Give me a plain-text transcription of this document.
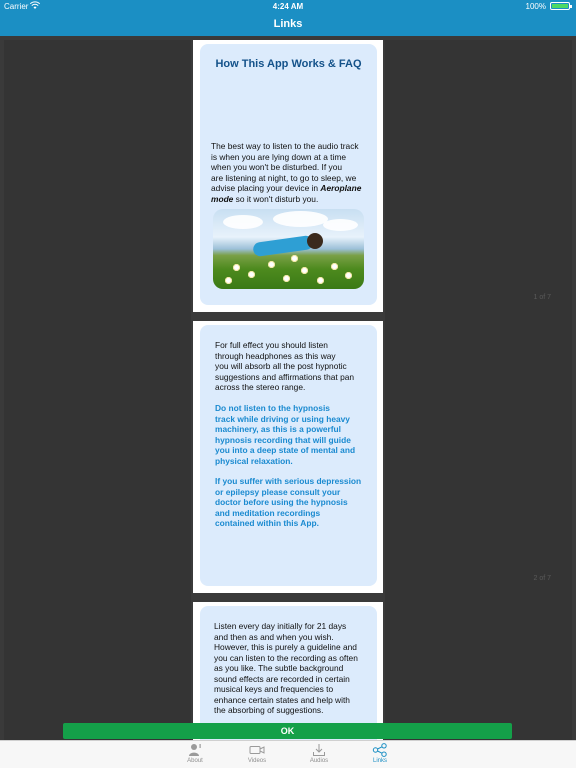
Carrier	4:24 AM	100%
Links
How This App Works & FAQ
The best way to listen to the audio track
is when you are lying down at a time
when you won't be disturbed. If you
are listening at night, to go to sleep, we
advise placing your device in Aeroplane
mode so it won't disturb you.
1 of 7
For full effect you should listen
through headphones as this way
you will absorb all the post hypnotic
suggestions and affirmations that pan
across the stereo range.
Do not listen to the hypnosis
track while driving or using heavy
machinery, as this is a powerful
hypnosis recording that will guide
you into a deep state of mental and
physical relaxation.
If you suffer with serious depression
or epilepsy please consult your
doctor before using the hypnosis
and meditation recordings
contained within this App.
2 of 7
Listen every day initially for 21 days
and then as and when you wish.
However, this is purely a guideline and
you can listen to the recording as often
as you like. The subtle background
sound effects are recorded in certain
musical keys and frequencies to
enhance certain states and help with
the absorbing of suggestions.
OK
About	Videos	Audios	Links
